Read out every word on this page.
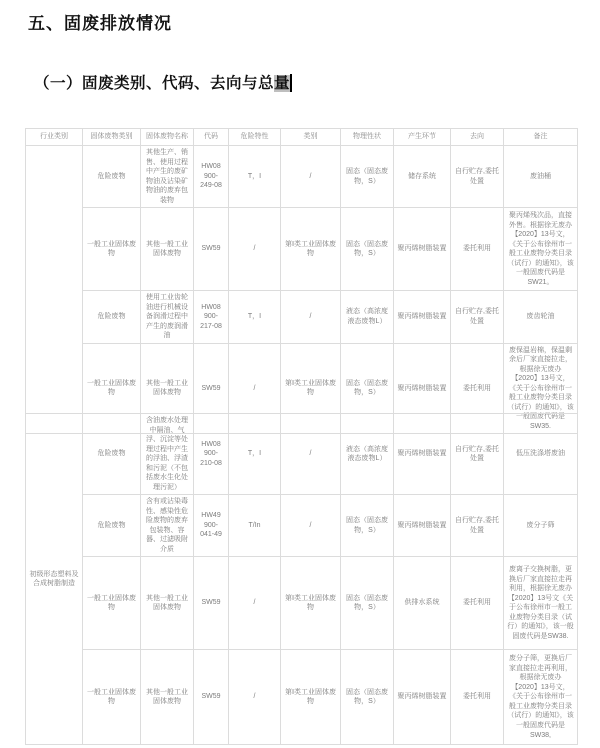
五、固废排放情况
（一）固废类别、代码、去向与总量
行业类别	固体废物类别	固体废物名称	代码	危险特性	类别	物理性状	产生环节	去向	备注
	危险废物	其他生产、销售、使用过程中产生的废矿物油及沾染矿物油的废弃包装物	HW08 900-249-08	T，I	/	固态（固态废物，S）	储存系统	自行贮存,委托处置	废油桶
	一般工业固体废物	其他一般工业固体废物	SW59	/	第Ⅰ类工业固体废物	固态（固态废物，S）	聚丙烯树脂装置	委托利用	聚丙烯残次品，直接外售。根据徐无废办【2020】13号文，《关于公布徐州市一般工业废物分类目录（试行）的通知》，该一般固废代码是SW21。
	危险废物	使用工业齿轮油进行机械设备润滑过程中产生的废润滑油	HW08 900-217-08	T，I	/	液态（高浓度液态废物L）	聚丙烯树脂装置	自行贮存,委托处置	废齿轮油
	一般工业固体废物	其他一般工业固体废物	SW59	/	第Ⅰ类工业固体废物	固态（固态废物，S）	聚丙烯树脂装置	委托利用	废保温岩棉，保温剩余后厂家直接拉走，根据徐无废办【2020】13号文，《关于公布徐州市一般工业废物分类目录（试行）的通知》，该一般固废代码是SW35.
初级形态塑料及合成树脂制造	危险废物	含油废水处理中隔油、气浮、沉淀等处理过程中产生的浮油、浮渣和污泥（不包括废水生化处理污泥）	HW08 900-210-08	T，I	/	液态（高浓度液态废物L）	聚丙烯树脂装置	自行贮存,委托处置	低压洗涤塔废油
	危险废物	含有或沾染毒性、感染性危险废物的废弃包装物、容器、过滤吸附介质	HW49 900-041-49	T/In	/	固态（固态废物，S）	聚丙烯树脂装置	自行贮存,委托处置	废分子筛
	一般工业固体废物	其他一般工业固体废物	SW59	/	第Ⅰ类工业固体废物	固态（固态废物，S）	供排水系统	委托利用	废离子交换树脂，更换后厂家直接拉走再利用，根据徐无废办【2020】13号文《关于公布徐州市一般工业废物分类目录（试行）的通知》，该一般固废代码是SW38.
	一般工业固体废物	其他一般工业固体废物	SW59	/	第Ⅰ类工业固体废物	固态（固态废物，S）	聚丙烯树脂装置	委托利用	废分子筛，更换后厂家直接拉走再利用，根据徐无废办【2020】13号文，《关于公布徐州市一般工业废物分类目录（试行）的通知》，该一般固废代码是SW38,
